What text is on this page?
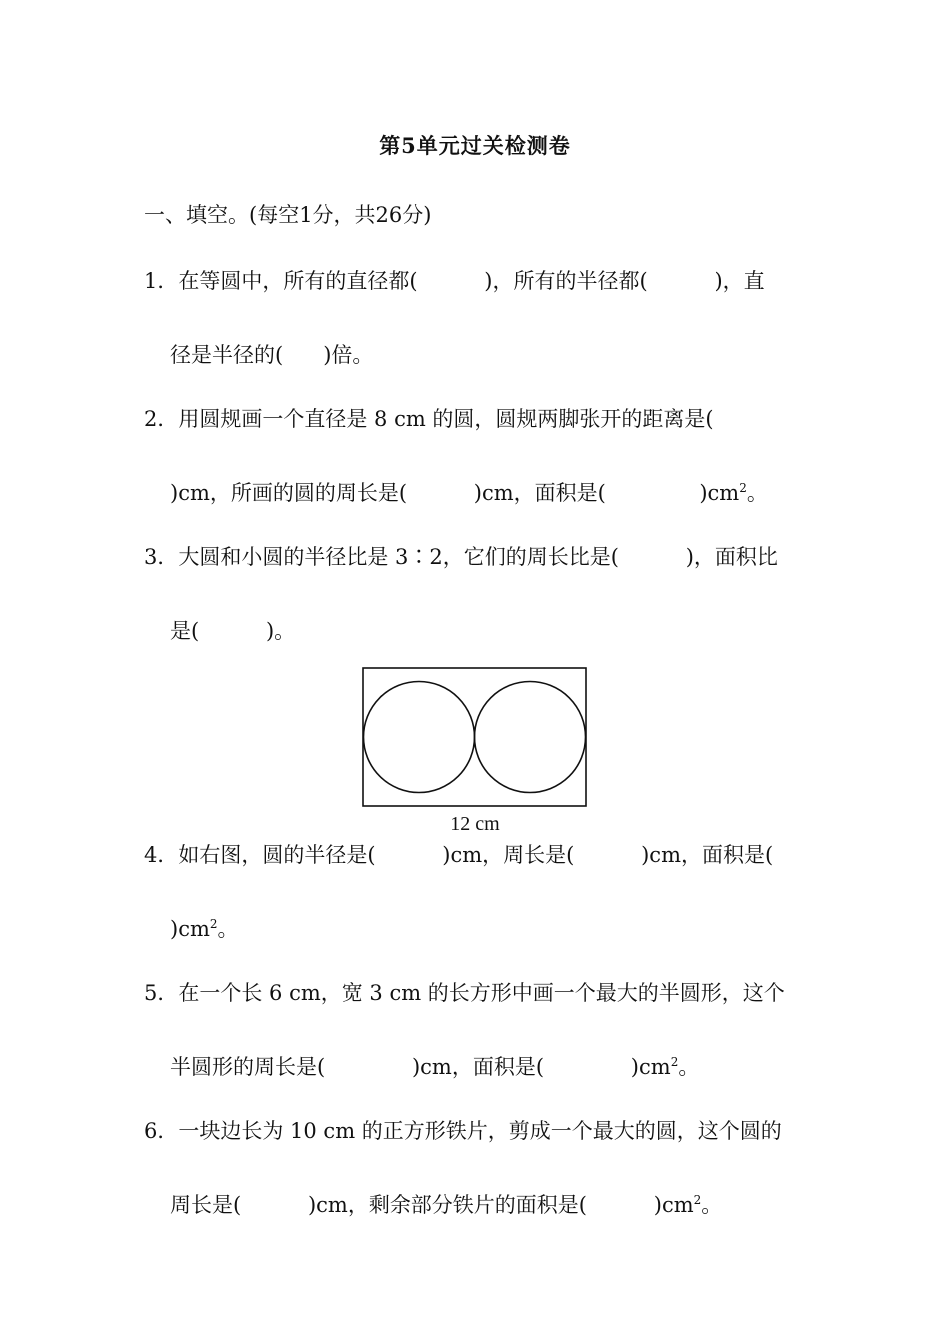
第5单元过关检测卷
一、填空。(每空1分，共26分)
1．在等圆中，所有的直径都(          )，所有的半径都(          )，直
径是半径的(      )倍。
2．用圆规画一个直径是 8 cm 的圆，圆规两脚张开的距离是(
)cm，所画的圆的周长是(          )cm，面积是(              )$cm^2$。
3．大圆和小圆的半径比是 3∶2，它们的周长比是(          )，面积比
是(          )。
12 cm
4．如右图，圆的半径是(          )cm，周长是(          )cm，面积是(
)$cm^2$。
5．在一个长 6 cm，宽 3 cm 的长方形中画一个最大的半圆形，这个
半圆形的周长是(             )cm，面积是(             )$cm^2$。
6．一块边长为 10 cm 的正方形铁片，剪成一个最大的圆，这个圆的
周长是(          )cm，剩余部分铁片的面积是(          )$cm^2$。
